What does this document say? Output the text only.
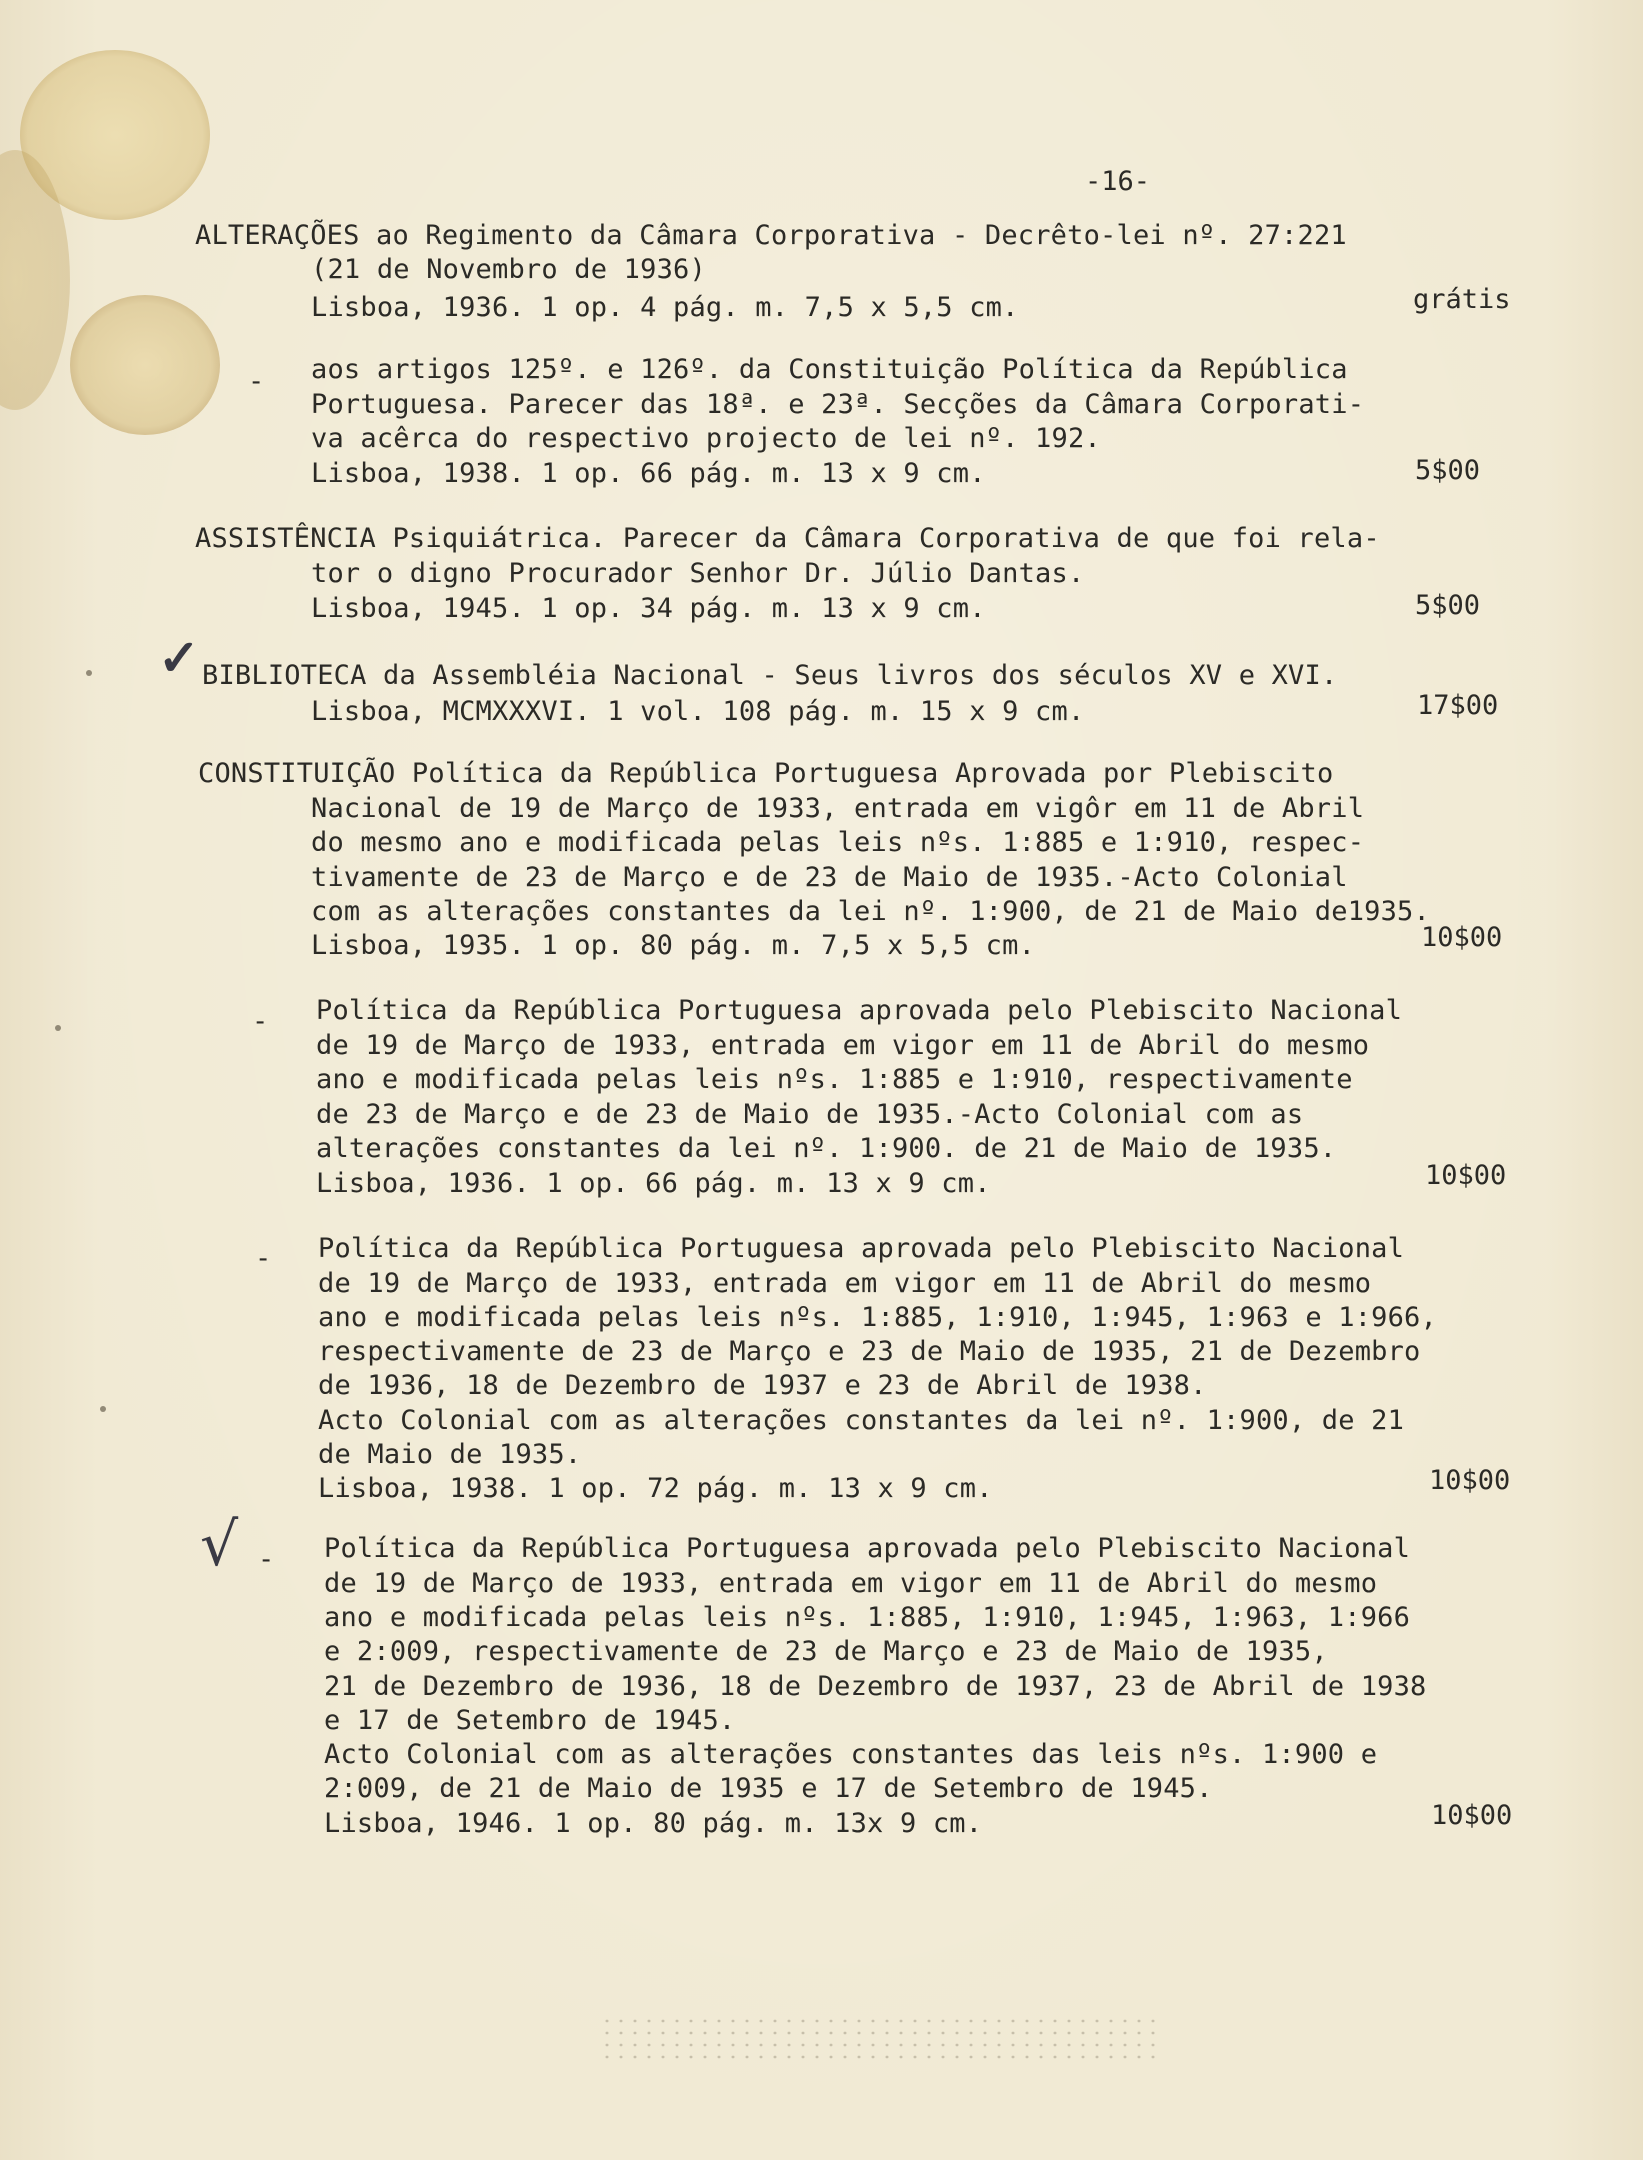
-16-
ALTERAÇÕES ao Regimento da Câmara Corporativa - Decrêto-lei nº. 27:221
(21 de Novembro de 1936)
Lisboa, 1936. 1 op. 4 pág. m. 7,5 x 5,5 cm.	grátis
- aos artigos 125º. e 126º. da Constituição Política da República
Portuguesa. Parecer das 18ª. e 23ª. Secções da Câmara Corporati-
va acêrca do respectivo projecto de lei nº. 192.
Lisboa, 1938. 1 op. 66 pág. m. 13 x 9 cm.	5$00
ASSISTÊNCIA Psiquiátrica. Parecer da Câmara Corporativa de que foi rela-
tor o digno Procurador Senhor Dr. Júlio Dantas.
Lisboa, 1945. 1 op. 34 pág. m. 13 x 9 cm.	5$00
✓ BIBLIOTECA da Assembléia Nacional - Seus livros dos séculos XV e XVI.
Lisboa, MCMXXXVI. 1 vol. 108 pág. m. 15 x 9 cm.	17$00
CONSTITUIÇÃO Política da República Portuguesa Aprovada por Plebiscito
Nacional de 19 de Março de 1933, entrada em vigôr em 11 de Abril
do mesmo ano e modificada pelas leis nºs. 1:885 e 1:910, respec-
tivamente de 23 de Março e de 23 de Maio de 1935.-Acto Colonial
com as alterações constantes da lei nº. 1:900, de 21 de Maio de1935.
Lisboa, 1935. 1 op. 80 pág. m. 7,5 x 5,5 cm.	10$00
- Política da República Portuguesa aprovada pelo Plebiscito Nacional
de 19 de Março de 1933, entrada em vigor em 11 de Abril do mesmo
ano e modificada pelas leis nºs. 1:885 e 1:910, respectivamente
de 23 de Março e de 23 de Maio de 1935.-Acto Colonial com as
alterações constantes da lei nº. 1:900. de 21 de Maio de 1935.
Lisboa, 1936. 1 op. 66 pág. m. 13 x 9 cm.	10$00
- Política da República Portuguesa aprovada pelo Plebiscito Nacional
de 19 de Março de 1933, entrada em vigor em 11 de Abril do mesmo
ano e modificada pelas leis nºs. 1:885, 1:910, 1:945, 1:963 e 1:966,
respectivamente de 23 de Março e 23 de Maio de 1935, 21 de Dezembro
de 1936, 18 de Dezembro de 1937 e 23 de Abril de 1938.
Acto Colonial com as alterações constantes da lei nº. 1:900, de 21
de Maio de 1935.
Lisboa, 1938. 1 op. 72 pág. m. 13 x 9 cm.	10$00
√ - Política da República Portuguesa aprovada pelo Plebiscito Nacional
de 19 de Março de 1933, entrada em vigor em 11 de Abril do mesmo
ano e modificada pelas leis nºs. 1:885, 1:910, 1:945, 1:963, 1:966
e 2:009, respectivamente de 23 de Março e 23 de Maio de 1935,
21 de Dezembro de 1936, 18 de Dezembro de 1937, 23 de Abril de 1938
e 17 de Setembro de 1945.
Acto Colonial com as alterações constantes das leis nºs. 1:900 e
2:009, de 21 de Maio de 1935 e 17 de Setembro de 1945.
Lisboa, 1946. 1 op. 80 pág. m. 13x 9 cm.	10$00
